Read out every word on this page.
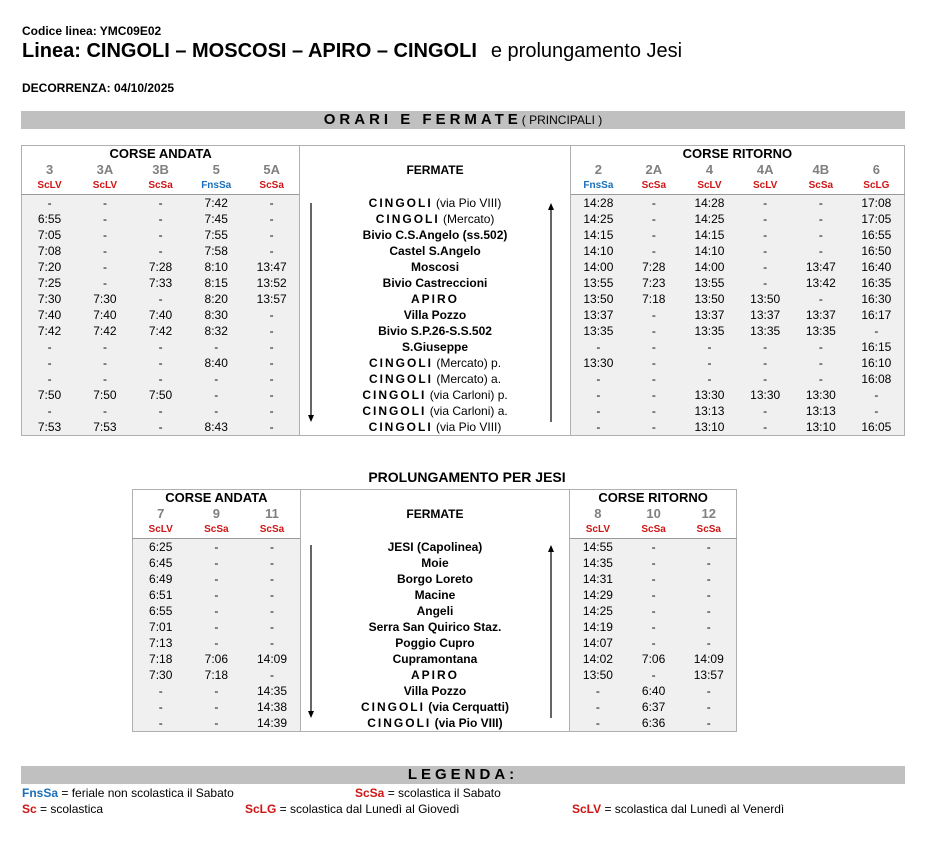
Codice linea: YMC09E02
Linea: CINGOLI – MOSCOSI – APIRO – CINGOLI e prolungamento Jesi
DECORRENZA: 04/10/2025
ORARI E FERMATE( PRINCIPALI )
CORSE ANDATA					FERMATE	CORSE RITORNO					
3	3A	3B	5	5A		2	2A	4	4A	4B	6
ScLV	ScLV	ScSa	FnsSa	ScSa		FnsSa	ScSa	ScLV	ScLV	ScSa	ScLG
-	-	-	7:42	-	CINGOLI (via Pio VIII)	14:28	-	14:28	-	-	17:08
6:55	-	-	7:45	-	CINGOLI (Mercato)	14:25	-	14:25	-	-	17:05
7:05	-	-	7:55	-	Bivio C.S.Angelo (ss.502)	14:15	-	14:15	-	-	16:55
7:08	-	-	7:58	-	Castel S.Angelo	14:10	-	14:10	-	-	16:50
7:20	-	7:28	8:10	13:47	Moscosi	14:00	7:28	14:00	-	13:47	16:40
7:25	-	7:33	8:15	13:52	Bivio Castreccioni	13:55	7:23	13:55	-	13:42	16:35
7:30	7:30	-	8:20	13:57	APIRO	13:50	7:18	13:50	13:50	-	16:30
7:40	7:40	7:40	8:30	-	Villa Pozzo	13:37	-	13:37	13:37	13:37	16:17
7:42	7:42	7:42	8:32	-	Bivio S.P.26-S.S.502	13:35	-	13:35	13:35	13:35	-
-	-	-	-	-	S.Giuseppe	-	-	-	-	-	16:15
-	-	-	8:40	-	CINGOLI (Mercato) p.	13:30	-	-	-	-	16:10
-	-	-	-	-	CINGOLI (Mercato) a.	-	-	-	-	-	16:08
7:50	7:50	7:50	-	-	CINGOLI (via Carloni) p.	-	-	13:30	13:30	13:30	-
-	-	-	-	-	CINGOLI (via Carloni) a.	-	-	13:13	-	13:13	-
7:53	7:53	-	8:43	-	CINGOLI (via Pio VIII)	-	-	13:10	-	13:10	16:05
PROLUNGAMENTO PER JESI
CORSE ANDATA			FERMATE	CORSE RITORNO		
7	9	11		8	10	12
ScLV	ScSa	ScSa		ScLV	ScSa	ScSa
6:25	-	-	JESI (Capolinea)	14:55	-	-
6:45	-	-	Moie	14:35	-	-
6:49	-	-	Borgo Loreto	14:31	-	-
6:51	-	-	Macine	14:29	-	-
6:55	-	-	Angeli	14:25	-	-
7:01	-	-	Serra San Quirico Staz.	14:19	-	-
7:13	-	-	Poggio Cupro	14:07	-	-
7:18	7:06	14:09	Cupramontana	14:02	7:06	14:09
7:30	7:18	-	APIRO	13:50	-	13:57
-	-	14:35	Villa Pozzo	-	6:40	-
-	-	14:38	CINGOLI (via Cerquatti)	-	6:37	-
-	-	14:39	CINGOLI (via Pio VIII)	-	6:36	-
LEGENDA:
FnsSa = feriale non scolastica il Sabato	ScSa = scolastica il Sabato
Sc = scolastica	ScLG = scolastica dal Lunedì al Giovedì	ScLV = scolastica dal Lunedì al Venerdì
